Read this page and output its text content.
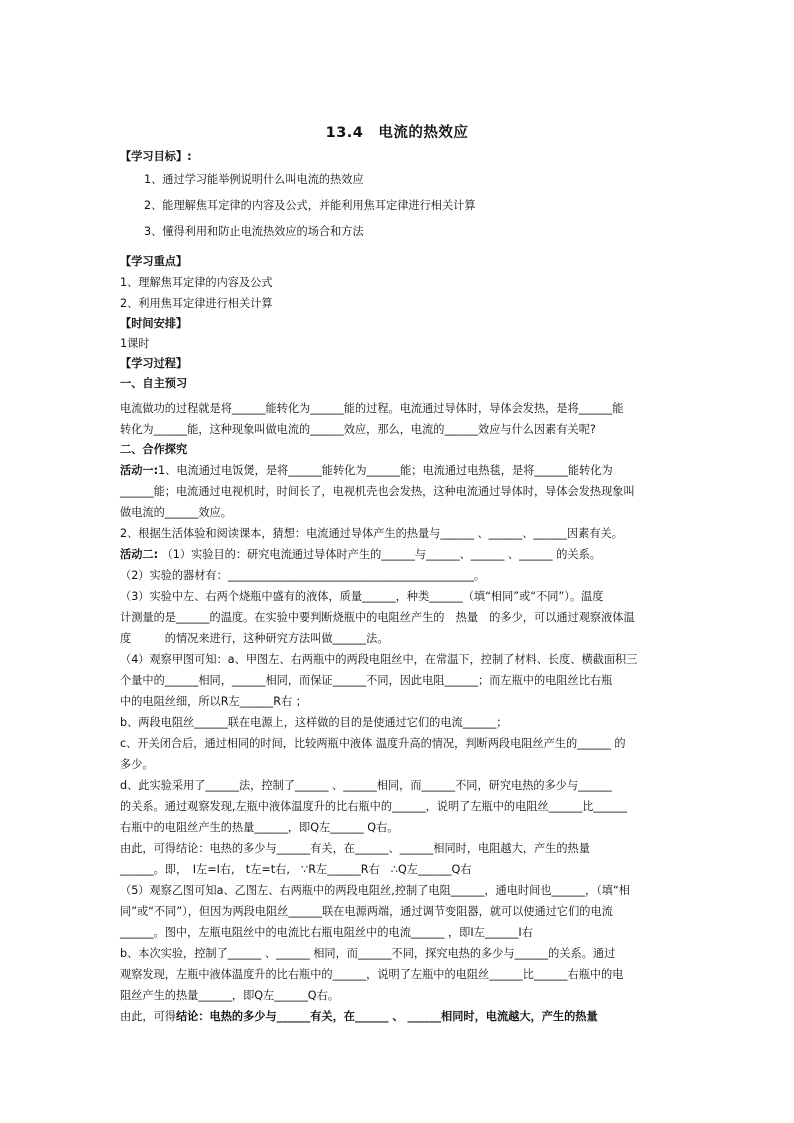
13.4　电流的热效应

【学习目标】:

1、通过学习能举例说明什么叫电流的热效应

2、能理解焦耳定律的内容及公式，并能利用焦耳定律进行相关计算

3、懂得利用和防止电流热效应的场合和方法

【学习重点】

1、理解焦耳定律的内容及公式

2、利用焦耳定律进行相关计算

【时间安排】

1课时

【学习过程】

一、自主预习

电流做功的过程就是将______能转化为______能的过程。电流通过导体时，导体会发热，是将______能

转化为______能，这种现象叫做电流的______效应，那么，电流的______效应与什么因素有关呢?

二、合作探究

活动一:1、电流通过电饭煲，是将______能转化为______能；电流通过电热毯，是将______能转化为

______能；电流通过电视机时，时间长了，电视机壳也会发热，这种电流通过导体时，导体会发热现象叫

做电流的______效应。

2、根据生活体验和阅读课本，猜想：电流通过导体产生的热量与______ 、______、______因素有关。

活动二: （1）实验目的：研究电流通过导体时产生的______与______、______ 、______ 的关系。

（2）实验的器材有：____________________________________________。

（3）实验中左、右两个烧瓶中盛有的液体，质量______，种类______（填“相同”或“不同”）。温度

计测量的是______的温度。在实验中要判断烧瓶中的电阻丝产生的　热量　的多少，可以通过观察液体温

度　　　的情况来进行，这种研究方法叫做______法。

（4）观察甲图可知：a、甲图左、右两瓶中的两段电阻丝中，在常温下，控制了材料、长度、横截面积三

个量中的______相同，______相同，而保证______不同，因此电阻______；而左瓶中的电阻丝比右瓶

中的电阻丝细，所以R左______R右 ；

b、两段电阻丝______联在电源上，这样做的目的是使通过它们的电流______；

c、开关闭合后，通过相同的时间，比较两瓶中液体 温度升高的情况，判断两段电阻丝产生的______ 的

多少。

d、此实验采用了______法，控制了______ 、______相同，而______不同，研究电热的多少与______

的关系。通过观察发现,左瓶中液体温度升的比右瓶中的______，说明了左瓶中的电阻丝______比______

右瓶中的电阻丝产生的热量______，即Q左______ Q右。

由此，可得结论：电热的多少与______有关，在______、______相同时，电阻越大，产生的热量

______。即，　I左=I右,　t左=t右,　∵R左______R右　∴Q左______Q右

（5）观察乙图可知a、乙图左、右两瓶中的两段电阻丝,控制了电阻______，通电时间也______，（填“相

同”或“不同”），但因为两段电阻丝______联在电源两端，通过调节变阻器，就可以使通过它们的电流

______。图中，左瓶电阻丝中的电流比右瓶电阻丝中的电流______ ，即I左______I右

b、本次实验，控制了______ 、______ 相同，而______不同，探究电热的多少与______的关系。通过

观察发现，左瓶中液体温度升的比右瓶中的______，说明了左瓶中的电阻丝______比______右瓶中的电

阻丝产生的热量______，即Q左______Q右。

由此，可得结论：电热的多少与______有关，在______ 、 ______相同时，电流越大，产生的热量
